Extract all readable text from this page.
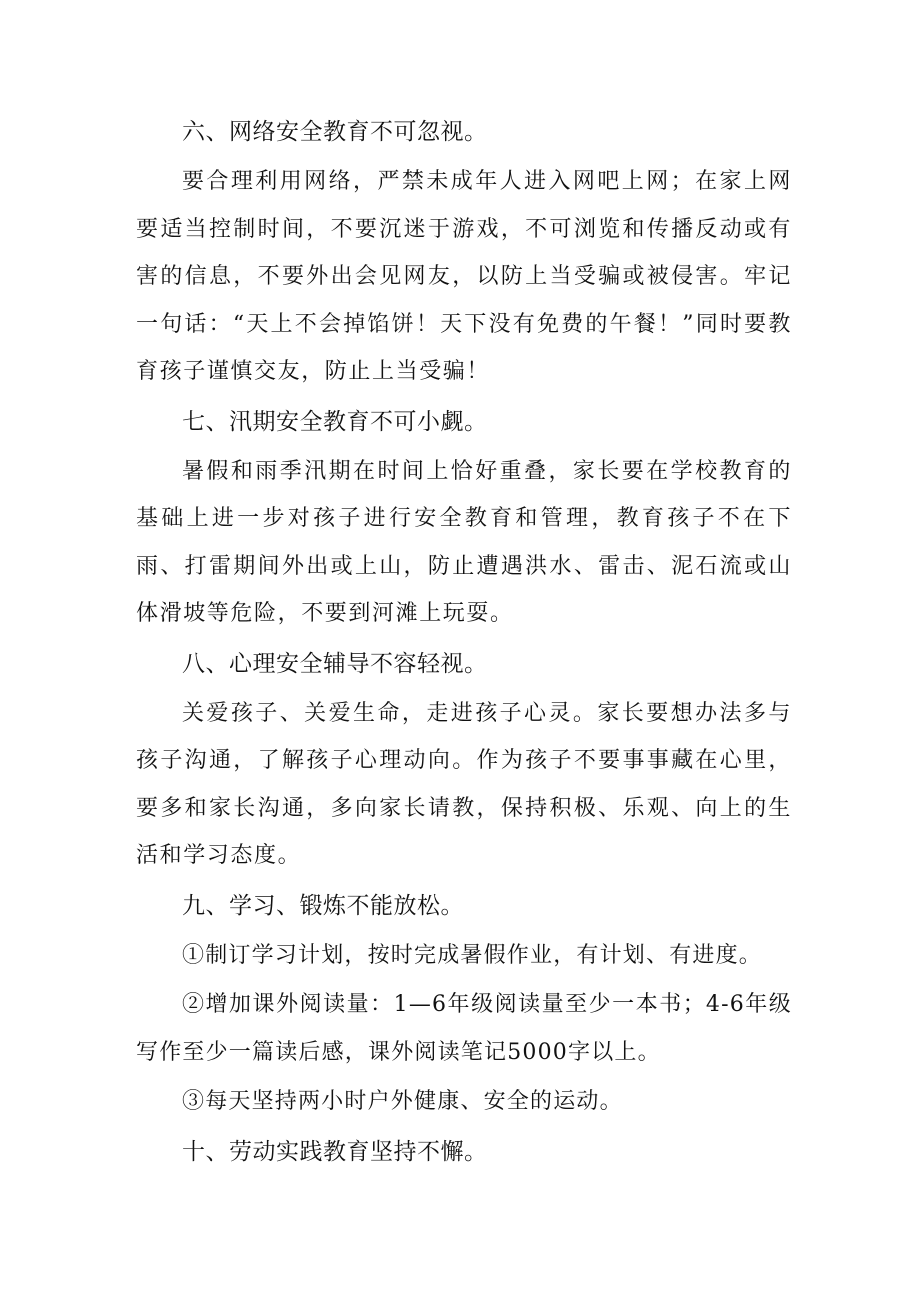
六、网络安全教育不可忽视。

要合理利用网络，严禁未成年人进入网吧上网；在家上网要适当控制时间，不要沉迷于游戏，不可浏览和传播反动或有害的信息，不要外出会见网友，以防上当受骗或被侵害。牢记一句话：“天上不会掉馅饼！天下没有免费的午餐！”同时要教育孩子谨慎交友，防止上当受骗！

七、汛期安全教育不可小觑。

暑假和雨季汛期在时间上恰好重叠，家长要在学校教育的基础上进一步对孩子进行安全教育和管理，教育孩子不在下雨、打雷期间外出或上山，防止遭遇洪水、雷击、泥石流或山体滑坡等危险，不要到河滩上玩耍。

八、心理安全辅导不容轻视。

关爱孩子、关爱生命，走进孩子心灵。家长要想办法多与孩子沟通，了解孩子心理动向。作为孩子不要事事藏在心里，要多和家长沟通，多向家长请教，保持积极、乐观、向上的生活和学习态度。

九、学习、锻炼不能放松。

①制订学习计划，按时完成暑假作业，有计划、有进度。

②增加课外阅读量：1—6年级阅读量至少一本书；4-6年级写作至少一篇读后感，课外阅读笔记5000字以上。

③每天坚持两小时户外健康、安全的运动。

十、劳动实践教育坚持不懈。
